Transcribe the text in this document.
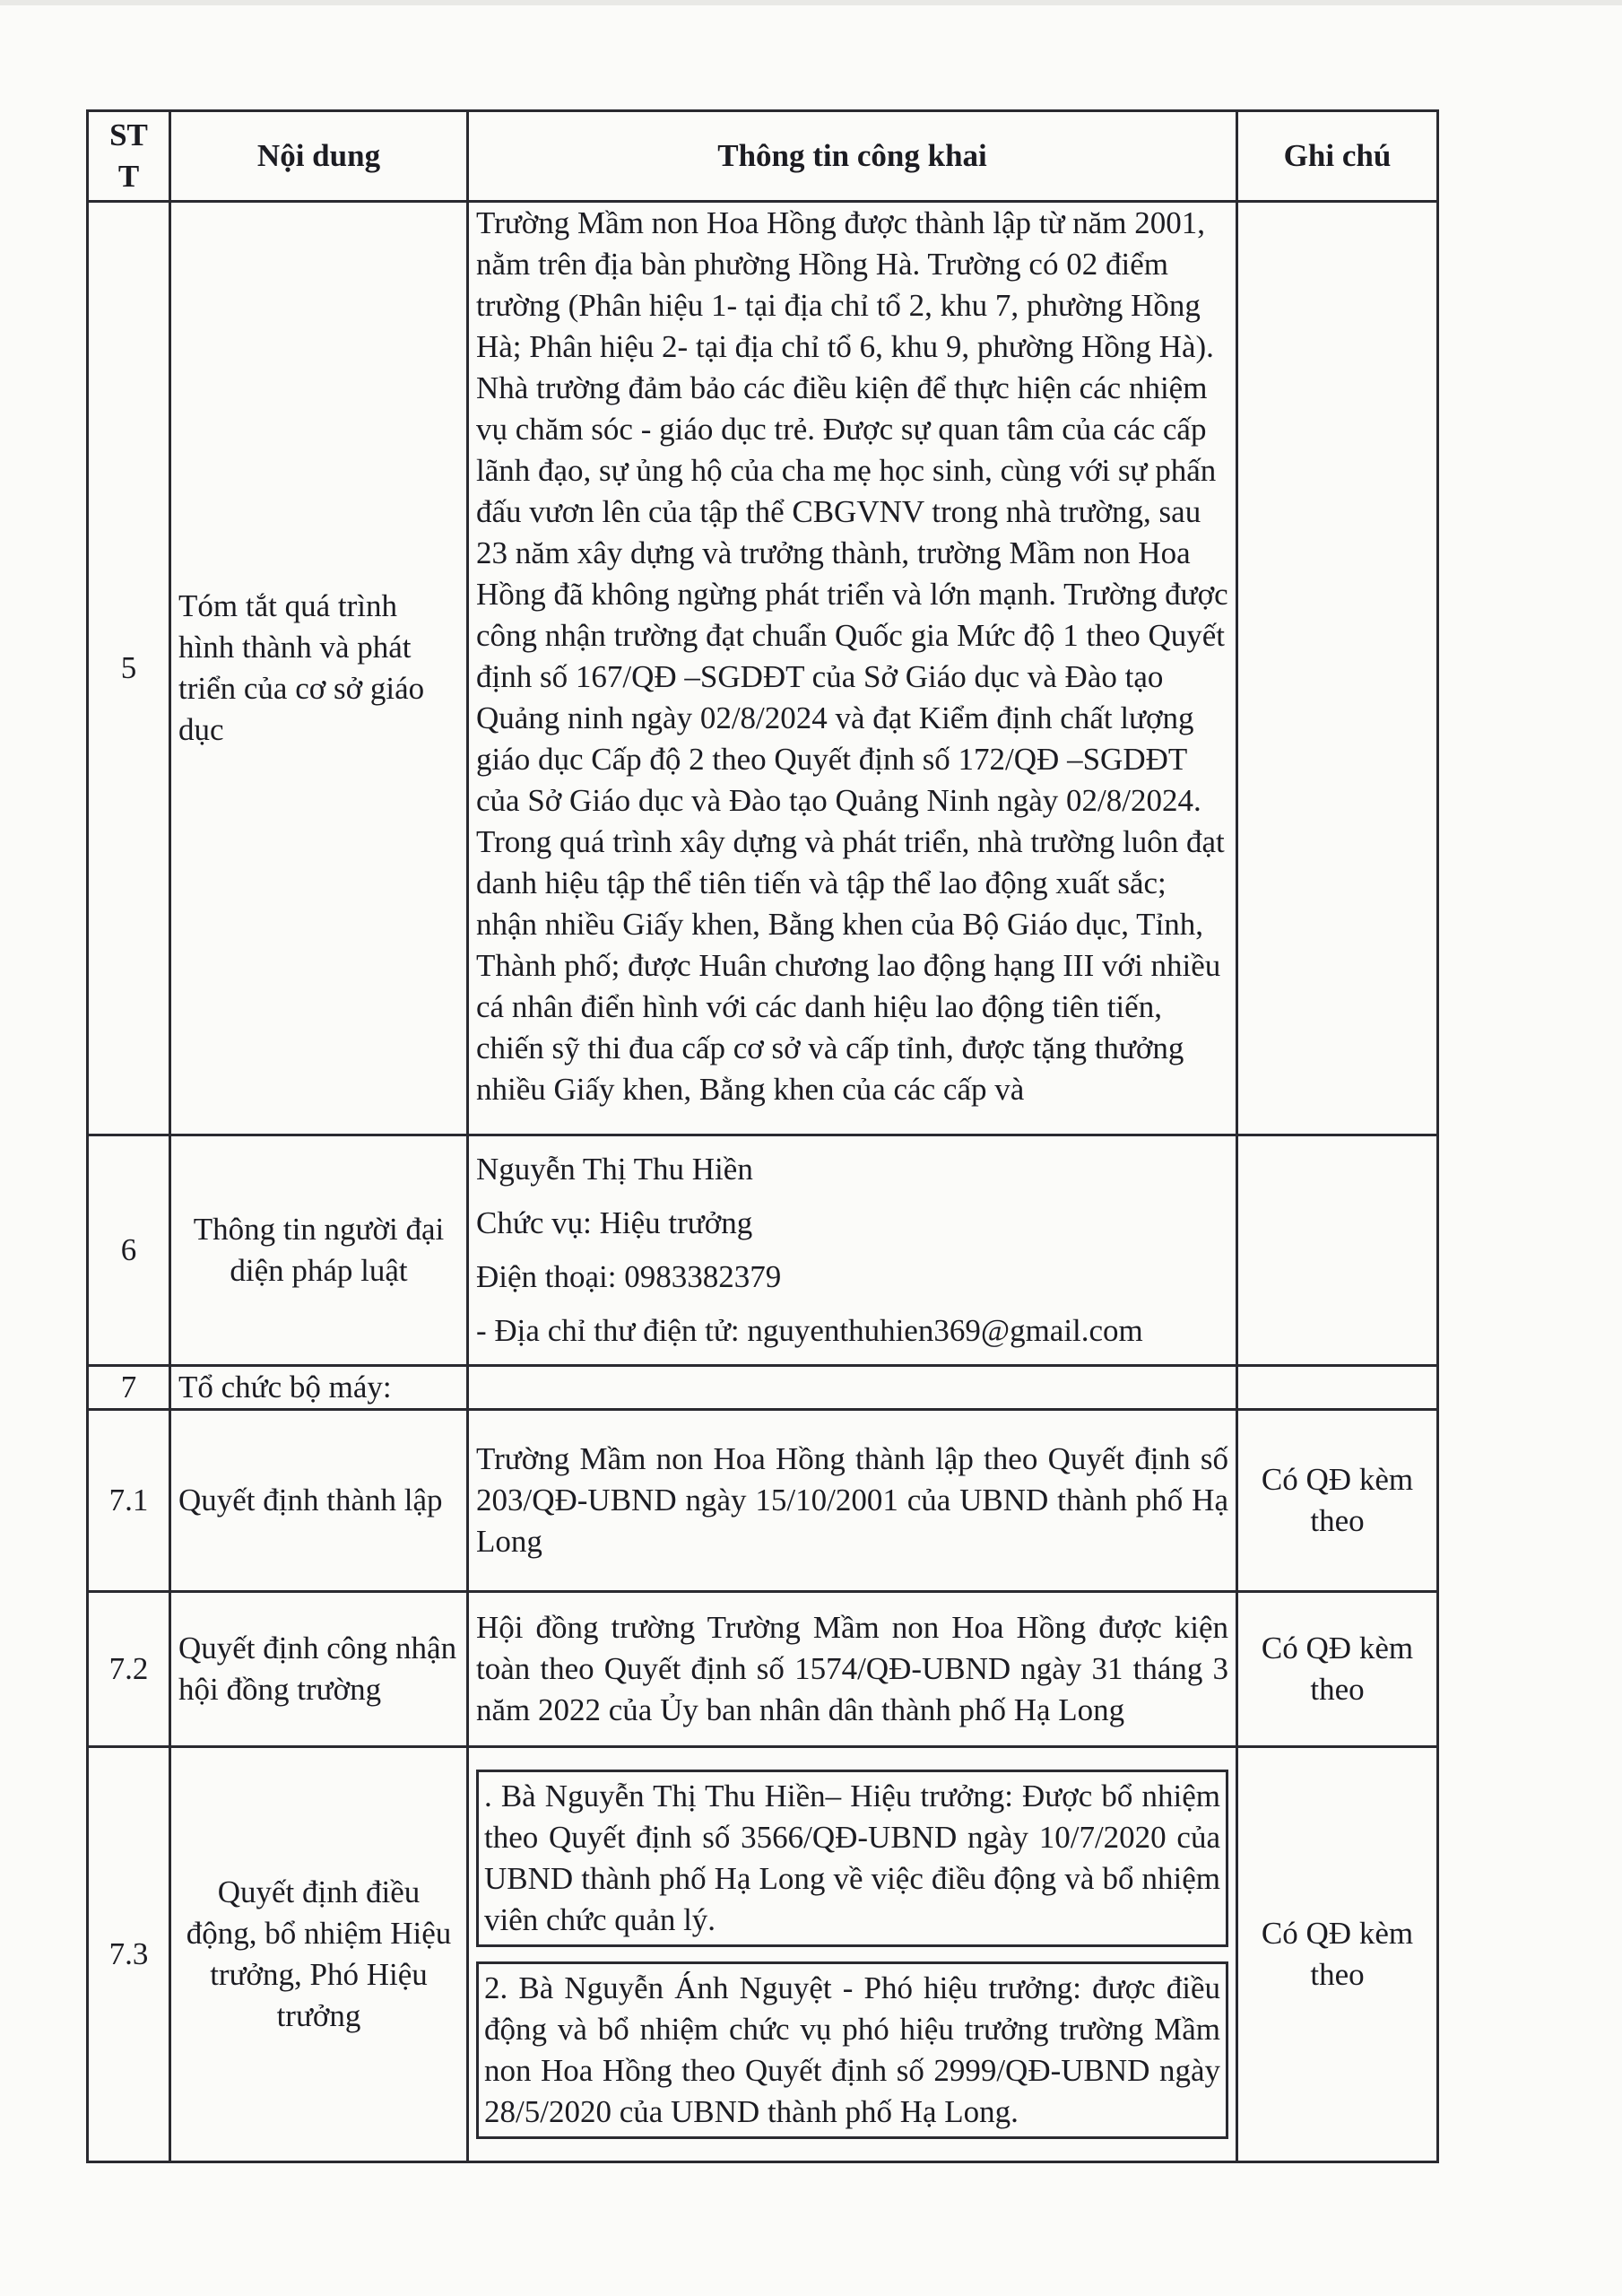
ST T	Nội dung	Thông tin công khai	Ghi chú
5	Tóm tắt quá trình hình thành và phát triển của cơ sở giáo dục	Trường Mầm non Hoa Hồng được thành lập từ năm 2001, nằm trên địa bàn phường Hồng Hà. Trường có 02 điểm trường (Phân hiệu 1- tại địa chỉ tổ 2, khu 7, phường Hồng Hà; Phân hiệu 2- tại địa chỉ tổ 6, khu 9, phường Hồng Hà). Nhà trường đảm bảo các điều kiện để thực hiện các nhiệm vụ chăm sóc - giáo dục trẻ. Được sự quan tâm của các cấp lãnh đạo, sự ủng hộ của cha mẹ học sinh, cùng với sự phấn đấu vươn lên của tập thể CBGVNV trong nhà trường, sau 23 năm xây dựng và trưởng thành, trường Mầm non Hoa Hồng đã không ngừng phát triển và lớn mạnh. Trường được công nhận trường đạt chuẩn Quốc gia Mức độ 1 theo Quyết định số 167/QĐ –SGDĐT của Sở Giáo dục và Đào tạo Quảng ninh ngày 02/8/2024 và đạt Kiểm định chất lượng giáo dục Cấp độ 2 theo Quyết định số 172/QĐ –SGDĐT của Sở Giáo dục và Đào tạo Quảng Ninh ngày 02/8/2024. Trong quá trình xây dựng và phát triển, nhà trường luôn đạt danh hiệu tập thể tiên tiến và tập thể lao động xuất sắc; nhận nhiều Giấy khen, Bằng khen của Bộ Giáo dục, Tỉnh, Thành phố; được Huân chương lao động hạng III với nhiều cá nhân điển hình với các danh hiệu lao động tiên tiến, chiến sỹ thi đua cấp cơ sở và cấp tỉnh, được tặng thưởng nhiều Giấy khen, Bằng khen của các cấp và	

6	Thông tin người đại diện pháp luật	Nguyễn Thị Thu Hiền

Chức vụ: Hiệu trưởng

Điện thoại: 0983382379

- Địa chỉ thư điện tử: nguyenthuhien369@gmail.com	

7	Tổ chức bộ máy:		
7.1	Quyết định thành lập	Trường Mầm non Hoa Hồng thành lập theo Quyết định số 203/QĐ-UBND ngày 15/10/2001 của UBND thành phố Hạ Long	Có QĐ kèm theo
7.2	Quyết định công nhận hội đồng trường	Hội đồng trường Trường Mầm non Hoa Hồng được kiện toàn theo Quyết định số 1574/QĐ-UBND ngày 31 tháng 3 năm 2022 của Ủy ban nhân dân thành phố Hạ Long	Có QĐ kèm theo
7.3	Quyết định điều động, bổ nhiệm Hiệu trưởng, Phó Hiệu trưởng	. Bà Nguyễn Thị Thu Hiền– Hiệu trưởng: Được bổ nhiệm theo Quyết định số 3566/QĐ-UBND ngày 10/7/2020 của UBND thành phố Hạ Long về việc điều động và bổ nhiệm viên chức quản lý.
2. Bà Nguyễn Ánh Nguyệt - Phó hiệu trưởng: được điều động và bổ nhiệm chức vụ phó hiệu trưởng trường Mầm non Hoa Hồng theo Quyết định số 2999/QĐ-UBND ngày 28/5/2020 của UBND thành phố Hạ Long.	Có QĐ kèm theo
